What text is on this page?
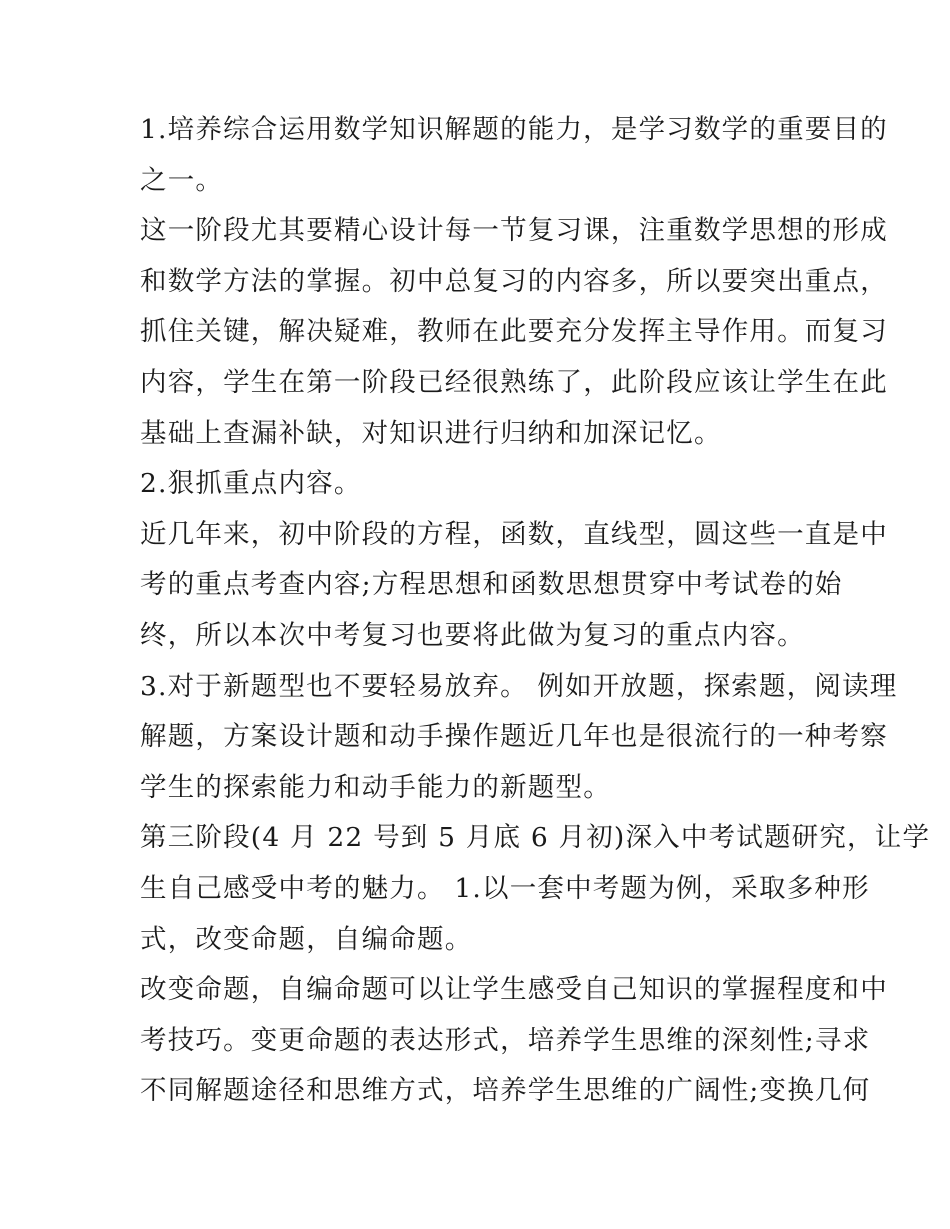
1.培养综合运用数学知识解题的能力，是学习数学的重要目的
之一。
这一阶段尤其要精心设计每一节复习课，注重数学思想的形成
和数学方法的掌握。初中总复习的内容多，所以要突出重点，
抓住关键，解决疑难，教师在此要充分发挥主导作用。而复习
内容，学生在第一阶段已经很熟练了，此阶段应该让学生在此
基础上查漏补缺，对知识进行归纳和加深记忆。
2.狠抓重点内容。
近几年来，初中阶段的方程，函数，直线型，圆这些一直是中
考的重点考查内容;方程思想和函数思想贯穿中考试卷的始
终，所以本次中考复习也要将此做为复习的重点内容。
3.对于新题型也不要轻易放弃。 例如开放题，探索题，阅读理
解题，方案设计题和动手操作题近几年也是很流行的一种考察
学生的探索能力和动手能力的新题型。
第三阶段(4 月 22 号到 5 月底 6 月初)深入中考试题研究，让学
生自己感受中考的魅力。 1.以一套中考题为例，采取多种形
式，改变命题，自编命题。
改变命题，自编命题可以让学生感受自己知识的掌握程度和中
考技巧。变更命题的表达形式，培养学生思维的深刻性;寻求
不同解题途径和思维方式，培养学生思维的广阔性;变换几何
